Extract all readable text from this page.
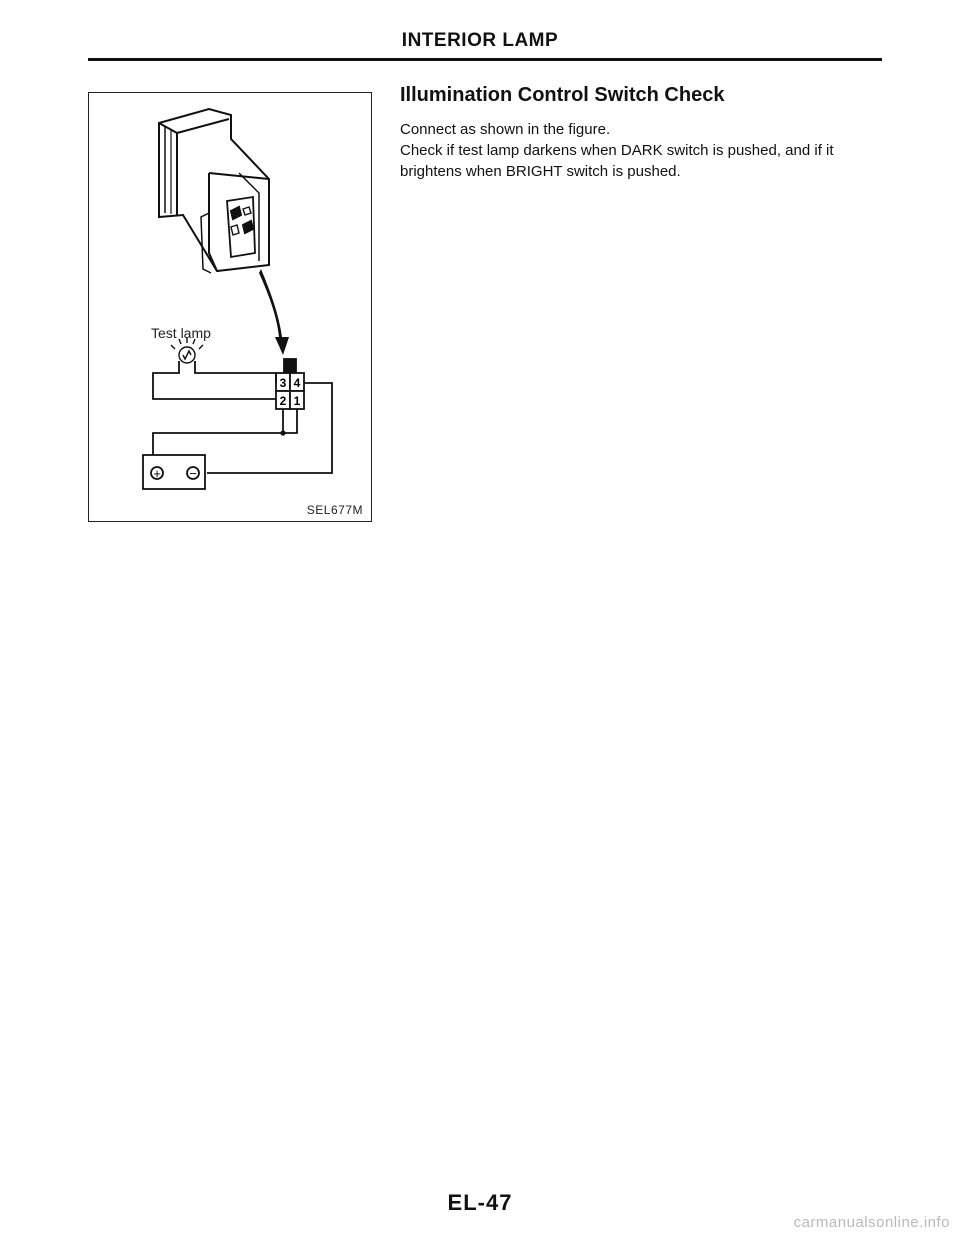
INTERIOR LAMP
Test lamp
3 4
2 1
+ −
SEL677M
Illumination Control Switch Check

Connect as shown in the figure.

Check if test lamp darkens when DARK switch is pushed, and if it brightens when BRIGHT switch is pushed.

EL-47
carmanualsonline.info
